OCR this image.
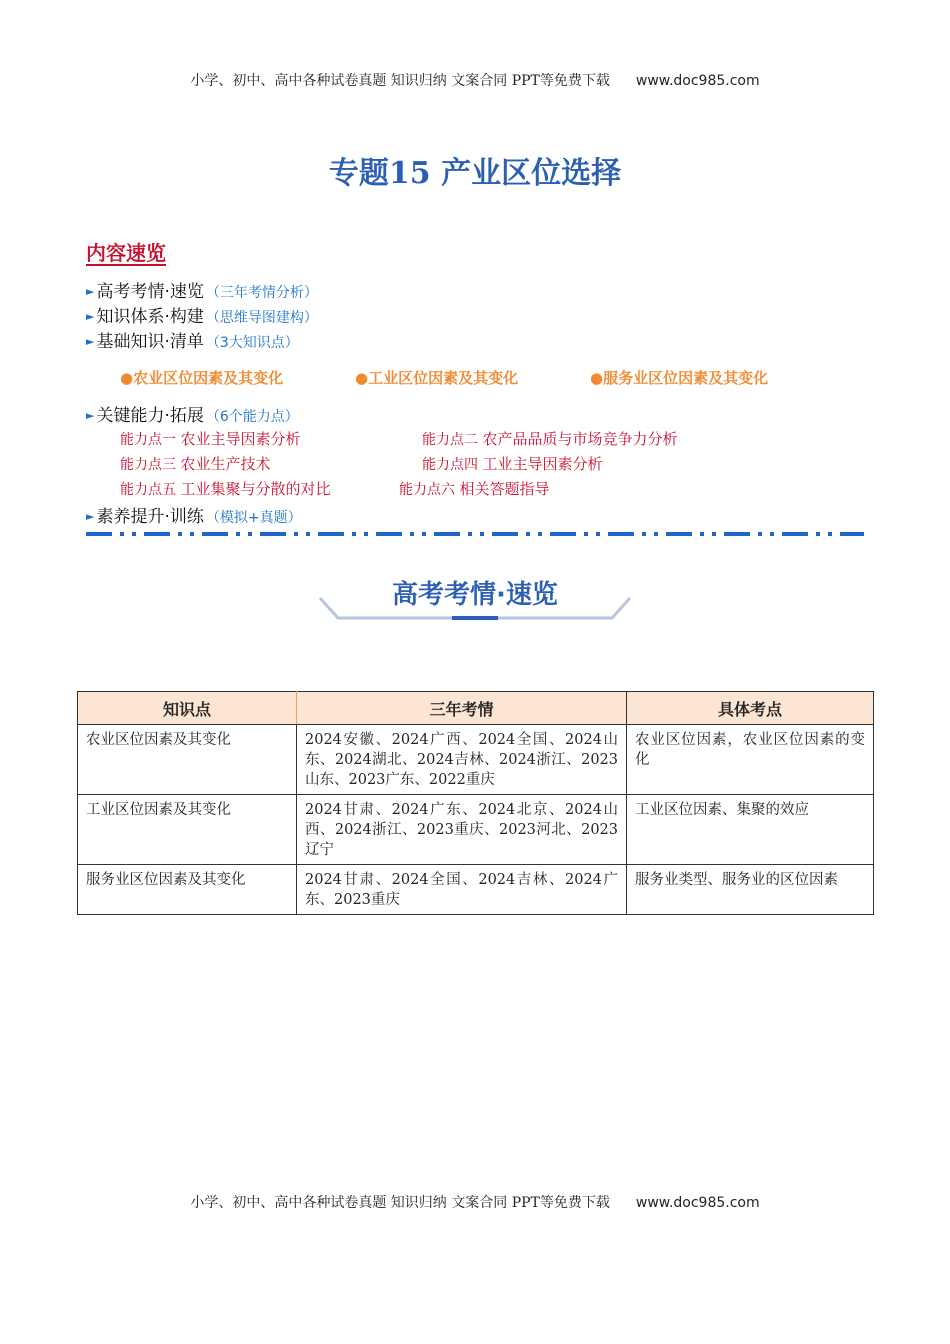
小学、初中、高中各种试卷真题 知识归纳 文案合同 PPT等免费下载 www.doc985.com
专题15 产业区位选择
内容速览
► 高考考情·速览 （三年考情分析）
► 知识体系·构建 （思维导图建构）
► 基础知识·清单 （3大知识点）
●农业区位因素及其变化	●工业区位因素及其变化	●服务业区位因素及其变化
► 关键能力·拓展 （6个能力点）
能力点一 农业主导因素分析	能力点二 农产品品质与市场竞争力分析
能力点三 农业生产技术	能力点四 工业主导因素分析
能力点五 工业集聚与分散的对比	能力点六 相关答题指导
► 素养提升·训练 （模拟+真题）
高考考情·速览
知识点	三年考情	具体考点
农业区位因素及其变化	2024安徽、2024广西、2024全国、2024山东、2024湖北、2024吉林、2024浙江、2023山东、2023广东、2022重庆	农业区位因素，农业区位因素的变化
工业区位因素及其变化	2024甘肃、2024广东、2024北京、2024山西、2024浙江、2023重庆、2023河北、2023辽宁	工业区位因素、集聚的效应
服务业区位因素及其变化	2024甘肃、2024全国、2024吉林、2024广东、2023重庆	服务业类型、服务业的区位因素
小学、初中、高中各种试卷真题 知识归纳 文案合同 PPT等免费下载 www.doc985.com
